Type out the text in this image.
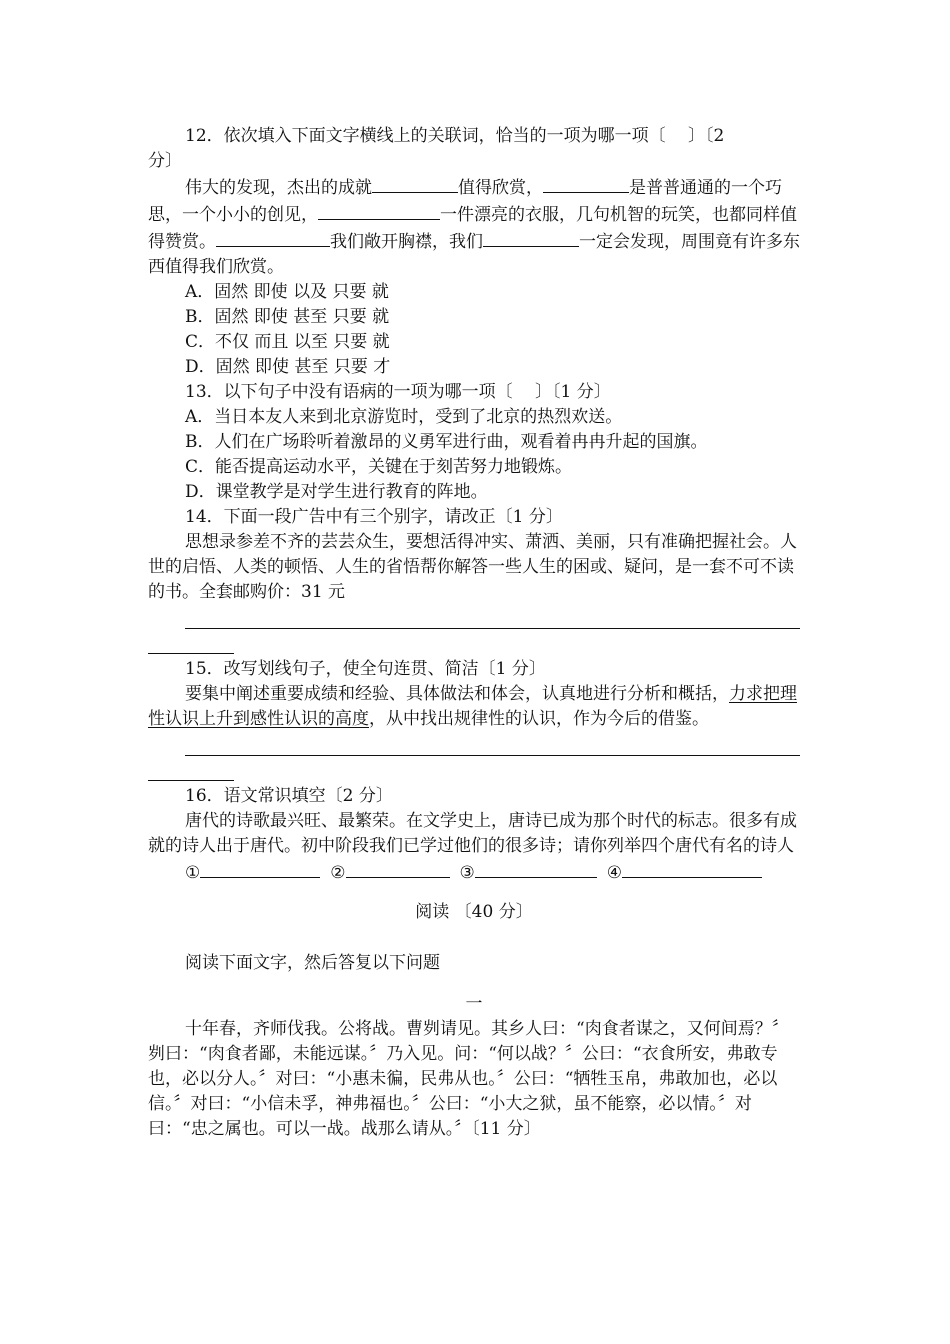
12．依次填入下面文字横线上的关联词，恰当的一项为哪一项〔　 〕〔2

分〕

伟大的发现，杰出的成就	值得欣赏，	是普普通通的一个巧思，一个小小的创见，	一件漂亮的衣服，几句机智的玩笑，也都同样值得赞赏。	我们敞开胸襟，我们	一定会发现，周围竟有许多东西值得我们欣赏。

A．固然 即使 以及 只要 就

B．固然 即使 甚至 只要 就

C．不仅 而且 以至 只要 就

D．固然 即使 甚至 只要 才

13．以下句子中没有语病的一项为哪一项〔　 〕〔1 分〕

A．当日本友人来到北京游览时，受到了北京的热烈欢送。

B．人们在广场聆听着激昂的义勇军进行曲，观看着冉冉升起的国旗。

C．能否提高运动水平，关键在于刻苦努力地锻炼。

D．课堂教学是对学生进行教育的阵地。

14．下面一段广告中有三个别字，请改正〔1 分〕

思想录参差不齐的芸芸众生，要想活得冲实、萧洒、美丽，只有准确把握社会。人世的启悟、人类的顿悟、人生的省悟帮你解答一些人生的困或、疑问，是一套不可不读的书。全套邮购价：31 元

15．改写划线句子，使全句连贯、简洁〔1 分〕

要集中阐述重要成绩和经验、具体做法和体会，认真地进行分析和概括，力求把理性认识上升到感性认识的高度，从中找出规律性的认识，作为今后的借鉴。

16．语文常识填空〔2 分〕

唐代的诗歌最兴旺、最繁荣。在文学史上，唐诗已成为那个时代的标志。很多有成就的诗人出于唐代。初中阶段我们已学过他们的很多诗；请你列举四个唐代有名的诗人

①	②	③	④

阅读 〔40 分〕

阅读下面文字，然后答复以下问题

一

十年春，齐师伐我。公将战。曹刿请见。其乡人曰：“肉食者谋之，又何间焉？〞刿曰：“肉食者鄙，未能远谋。〞乃入见。问：“何以战？〞公曰：“衣食所安，弗敢专也，必以分人。〞对曰：“小惠未徧，民弗从也。〞公曰：“牺牲玉帛，弗敢加也，必以信。〞对曰：“小信未孚，神弗福也。〞公曰：“小大之狱，虽不能察，必以情。〞对曰：“忠之属也。可以一战。战那么请从。〞〔11 分〕
